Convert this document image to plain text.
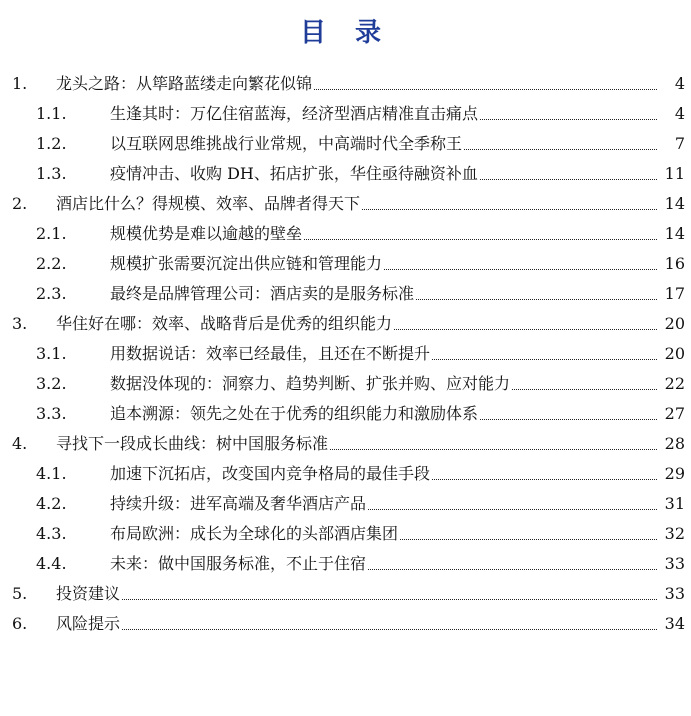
目 录
1. 龙头之路：从筚路蓝缕走向繁花似锦	4
1.1.	生逢其时：万亿住宿蓝海，经济型酒店精准直击痛点	4
1.2.	以互联网思维挑战行业常规，中高端时代全季称王	7
1.3.	疫情冲击、收购 DH、拓店扩张，华住亟待融资补血	11
2. 酒店比什么？得规模、效率、品牌者得天下	14
2.1.	规模优势是难以逾越的壁垒	14
2.2.	规模扩张需要沉淀出供应链和管理能力	16
2.3.	最终是品牌管理公司：酒店卖的是服务标准	17
3. 华住好在哪：效率、战略背后是优秀的组织能力	20
3.1.	用数据说话：效率已经最佳，且还在不断提升	20
3.2.	数据没体现的：洞察力、趋势判断、扩张并购、应对能力	22
3.3.	追本溯源：领先之处在于优秀的组织能力和激励体系	27
4. 寻找下一段成长曲线：树中国服务标准	28
4.1.	加速下沉拓店，改变国内竞争格局的最佳手段	29
4.2.	持续升级：进军高端及奢华酒店产品	31
4.3.	布局欧洲：成长为全球化的头部酒店集团	32
4.4.	未来：做中国服务标准，不止于住宿	33
5. 投资建议	33
6. 风险提示	34
